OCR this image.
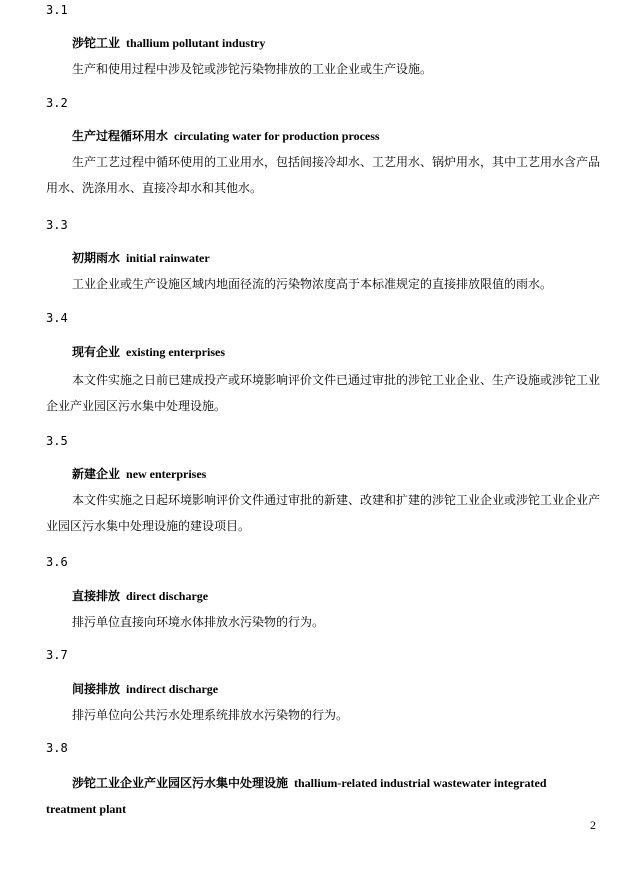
3.1
涉铊工业 thallium pollutant industry
生产和使用过程中涉及铊或涉铊污染物排放的工业企业或生产设施。
3.2
生产过程循环用水 circulating water for production process
生产工艺过程中循环使用的工业用水，包括间接冷却水、工艺用水、锅炉用水，其中工艺用水含产品用水、洗涤用水、直接冷却水和其他水。
3.3
初期雨水 initial rainwater
工业企业或生产设施区域内地面径流的污染物浓度高于本标准规定的直接排放限值的雨水。
3.4
现有企业 existing enterprises
本文件实施之日前已建成投产或环境影响评价文件已通过审批的涉铊工业企业、生产设施或涉铊工业企业产业园区污水集中处理设施。
3.5
新建企业 new enterprises
本文件实施之日起环境影响评价文件通过审批的新建、改建和扩建的涉铊工业企业或涉铊工业企业产业园区污水集中处理设施的建设项目。
3.6
直接排放 direct discharge
排污单位直接向环境水体排放水污染物的行为。
3.7
间接排放 indirect discharge
排污单位向公共污水处理系统排放水污染物的行为。
3.8
涉铊工业企业产业园区污水集中处理设施 thallium-related industrial wastewater integrated
treatment plant
2
